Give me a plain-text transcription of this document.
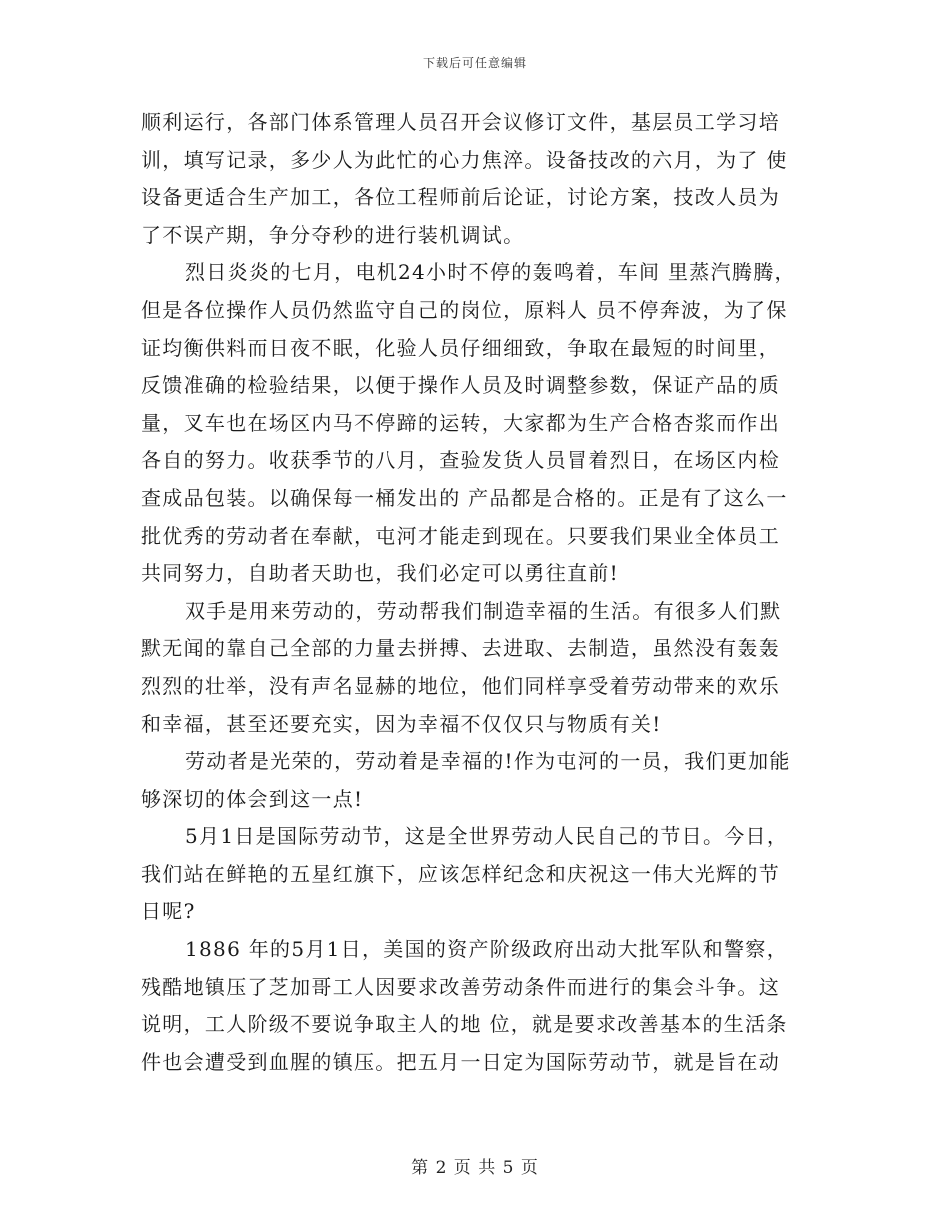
下载后可任意编辑

顺利运行，各部门体系管理人员召开会议修订文件，基层员工学习培
训，填写记录，多少人为此忙的心力焦淬。设备技改的六月，为了 使
设备更适合生产加工，各位工程师前后论证，讨论方案，技改人员为
了不误产期，争分夺秒的进行装机调试。

烈日炎炎的七月，电机24小时不停的轰鸣着，车间 里蒸汽腾腾，
但是各位操作人员仍然监守自己的岗位，原料人 员不停奔波，为了保
证均衡供料而日夜不眠，化验人员仔细细致，争取在最短的时间里，
反馈准确的检验结果，以便于操作人员及时调整参数，保证产品的质
量，叉车也在场区内马不停蹄的运转，大家都为生产合格杏浆而作出
各自的努力。收获季节的八月，查验发货人员冒着烈日，在场区内检
查成品包装。以确保每一桶发出的 产品都是合格的。正是有了这么一
批优秀的劳动者在奉献，屯河才能走到现在。只要我们果业全体员工
共同努力，自助者天助也，我们必定可以勇往直前!

双手是用来劳动的，劳动帮我们制造幸福的生活。有很多人们默
默无闻的靠自己全部的力量去拼搏、去进取、去制造，虽然没有轰轰
烈烈的壮举，没有声名显赫的地位，他们同样享受着劳动带来的欢乐
和幸福，甚至还要充实，因为幸福不仅仅只与物质有关!

劳动者是光荣的，劳动着是幸福的!作为屯河的一员，我们更加能
够深切的体会到这一点!

5月1日是国际劳动节，这是全世界劳动人民自己的节日。今日，
我们站在鲜艳的五星红旗下，应该怎样纪念和庆祝这一伟大光辉的节
日呢?

1886 年的5月1日，美国的资产阶级政府出动大批军队和警察，
残酷地镇压了芝加哥工人因要求改善劳动条件而进行的集会斗争。这
说明，工人阶级不要说争取主人的地 位，就是要求改善基本的生活条
件也会遭受到血腥的镇压。把五月一日定为国际劳动节，就是旨在动

第 2 页 共 5 页
